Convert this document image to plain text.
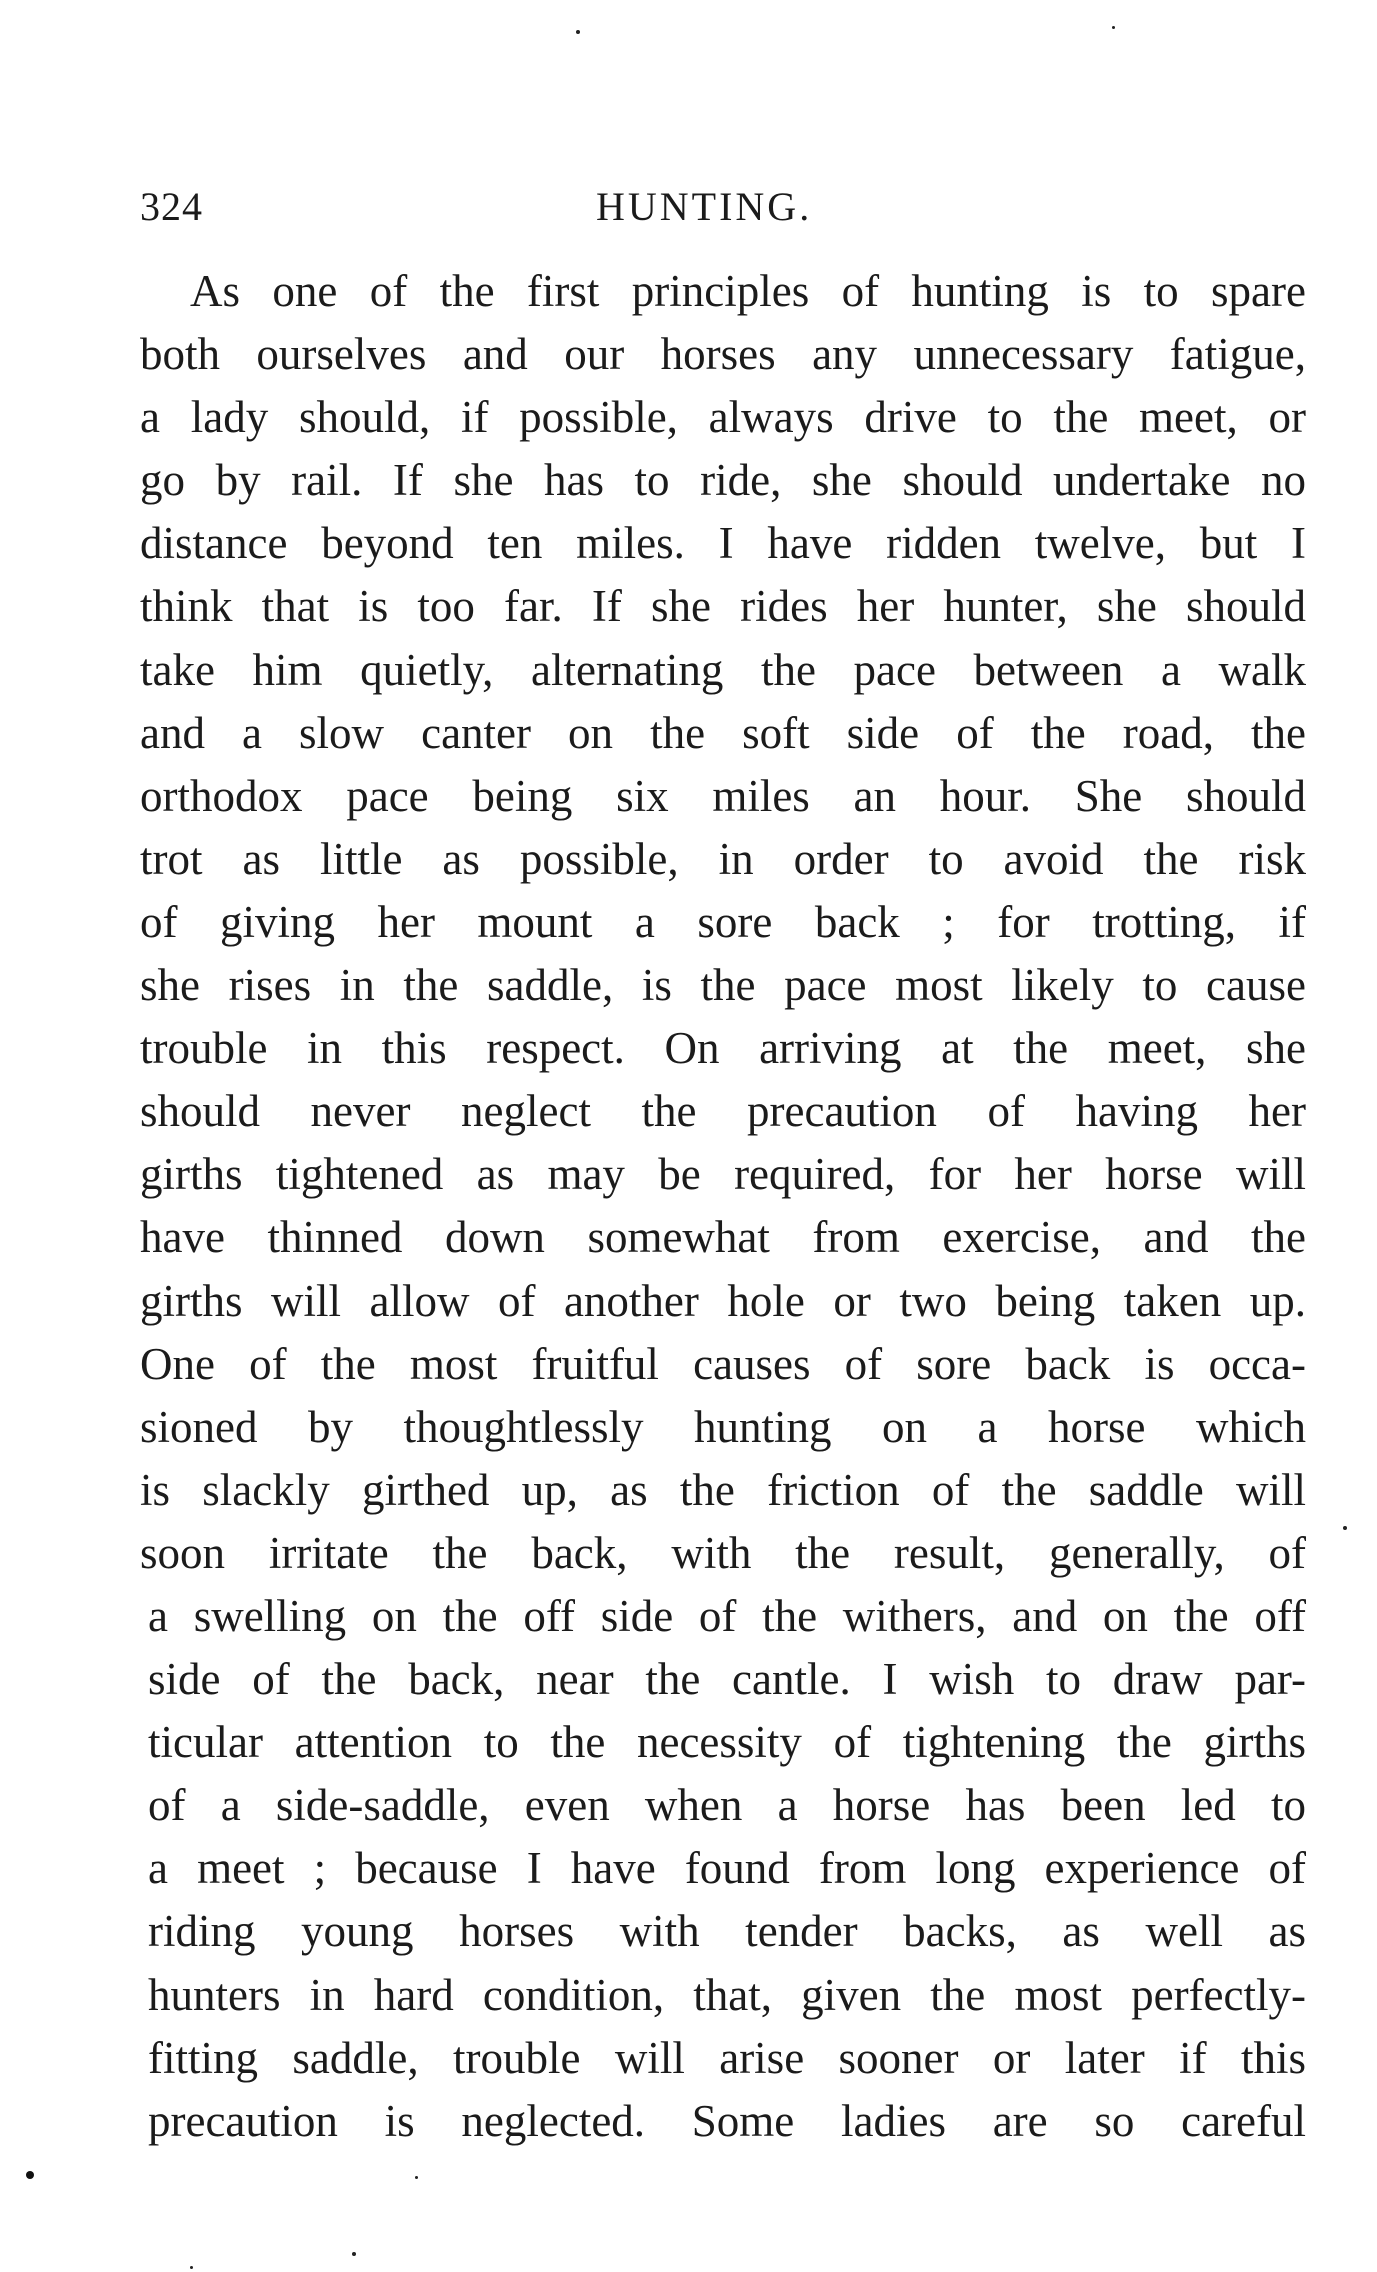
324	HUNTING.
As one of the first principles of hunting is to spare
both ourselves and our horses any unnecessary fatigue,
a lady should, if possible, always drive to the meet, or
go by rail. If she has to ride, she should undertake no
distance beyond ten miles. I have ridden twelve, but I
think that is too far. If she rides her hunter, she should
take him quietly, alternating the pace between a walk
and a slow canter on the soft side of the road, the
orthodox pace being six miles an hour. She should
trot as little as possible, in order to avoid the risk
of giving her mount a sore back ; for trotting, if
she rises in the saddle, is the pace most likely to cause
trouble in this respect. On arriving at the meet, she
should never neglect the precaution of having her
girths tightened as may be required, for her horse will
have thinned down somewhat from exercise, and the
girths will allow of another hole or two being taken up.
One of the most fruitful causes of sore back is occa-
sioned by thoughtlessly hunting on a horse which
is slackly girthed up, as the friction of the saddle will
soon irritate the back, with the result, generally, of
a swelling on the off side of the withers, and on the off
side of the back, near the cantle. I wish to draw par-
ticular attention to the necessity of tightening the girths
of a side-saddle, even when a horse has been led to
a meet ; because I have found from long experience of
riding young horses with tender backs, as well as
hunters in hard condition, that, given the most perfectly-
fitting saddle, trouble will arise sooner or later if this
precaution is neglected. Some ladies are so careful
